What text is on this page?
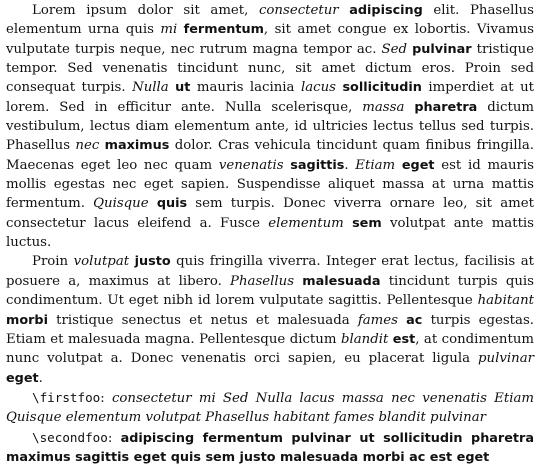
Lorem ipsum dolor sit amet, consectetur adipiscing elit. Phasellus elementum urna quis mi fermentum, sit amet congue ex lobortis. Vivamus vulputate turpis neque, nec rutrum magna tempor ac. Sed pulvinar tristique tempor. Sed venenatis tincidunt nunc, sit amet dictum eros. Proin sed consequat turpis. Nulla ut mauris lacinia lacus sollicitudin imperdiet at ut lorem. Sed in efficitur ante. Nulla scelerisque, massa pharetra dictum vestibulum, lectus diam elementum ante, id ultricies lectus tellus sed turpis. Phasellus nec maximus dolor. Cras vehicula tincidunt quam finibus fringilla. Maecenas eget leo nec quam venenatis sagittis. Etiam eget est id mauris mollis egestas nec eget sapien. Suspendisse aliquet massa at urna mattis fermentum. Quisque quis sem turpis. Donec viverra ornare leo, sit amet consectetur lacus eleifend a. Fusce elementum sem volutpat ante mattis luctus.

Proin volutpat justo quis fringilla viverra. Integer erat lectus, facilisis at posuere a, maximus at libero. Phasellus malesuada tincidunt turpis quis condimentum. Ut eget nibh id lorem vulputate sagittis. Pellentesque habitant morbi tristique senectus et netus et malesuada fames ac turpis egestas. Etiam et malesuada magna. Pellentesque dictum blandit est, at condimentum nunc volutpat a. Donec venenatis orci sapien, eu placerat ligula pulvinar eget.

\firstfoo: consectetur mi Sed Nulla lacus massa nec venenatis Etiam Quisque elementum volutpat Phasellus habitant fames blandit pulvinar

\secondfoo: adipiscing fermentum pulvinar ut sollicitudin pharetra maximus sagittis eget quis sem justo malesuada morbi ac est eget
